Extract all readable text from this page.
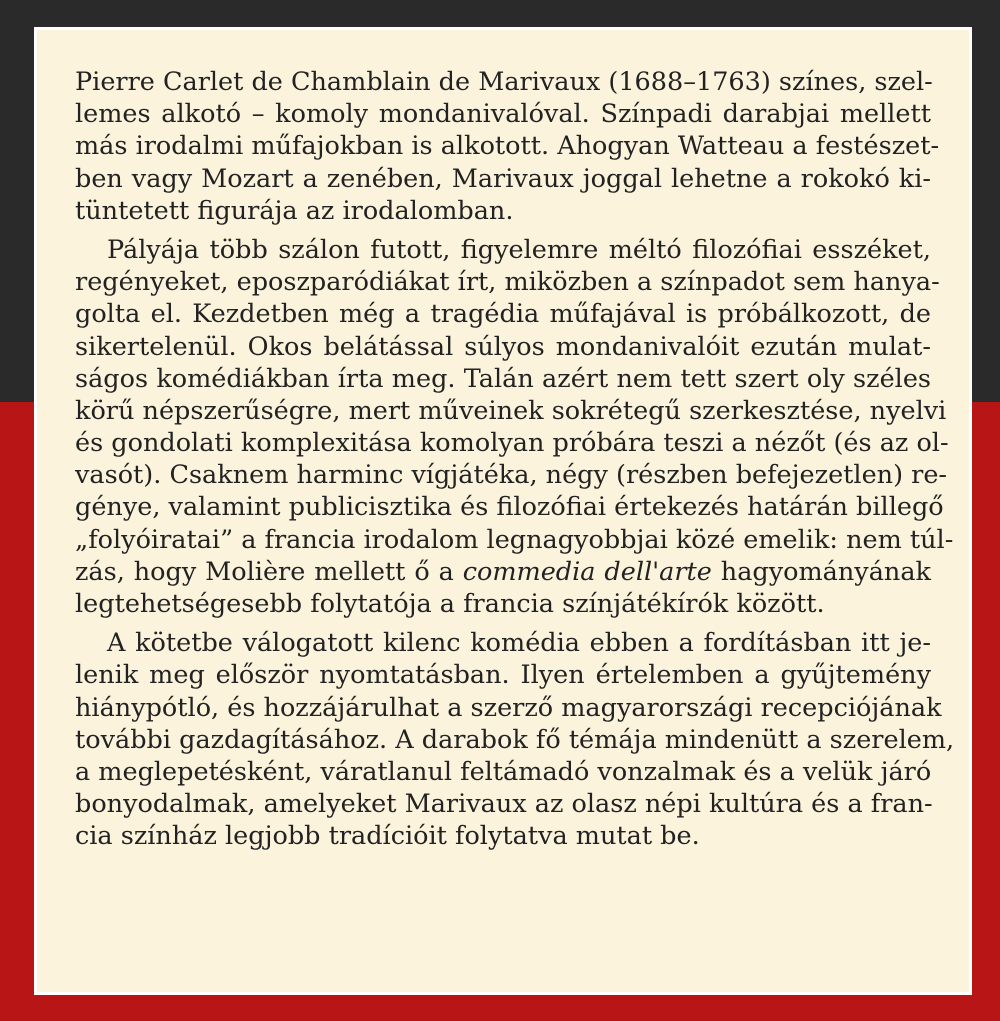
Pierre Carlet de Chamblain de Marivaux (1688–1763) színes, szel-
lemes alkotó – komoly mondanivalóval. Színpadi darabjai mellett
más irodalmi műfajokban is alkotott. Ahogyan Watteau a festészet-
ben vagy Mozart a zenében, Marivaux joggal lehetne a rokokó ki-
tüntetett figurája az irodalomban.
Pályája több szálon futott, figyelemre méltó filozófiai esszéket,
regényeket, eposzparódiákat írt, miközben a színpadot sem hanya-
golta el. Kezdetben még a tragédia műfajával is próbálkozott, de
sikertelenül. Okos belátással súlyos mondanivalóit ezután mulat-
ságos komédiákban írta meg. Talán azért nem tett szert oly széles
körű népszerűségre, mert műveinek sokrétegű szerkesztése, nyelvi
és gondolati komplexitása komolyan próbára teszi a nézőt (és az ol-
vasót). Csaknem harminc vígjátéka, négy (részben befejezetlen) re-
génye, valamint publicisztika és filozófiai értekezés határán billegő
„folyóiratai” a francia irodalom legnagyobbjai közé emelik: nem túl-
zás, hogy Molière mellett ő a commedia dell'arte hagyományának
legtehetségesebb folytatója a francia színjátékírók között.
A kötetbe válogatott kilenc komédia ebben a fordításban itt je-
lenik meg először nyomtatásban. Ilyen értelemben a gyűjtemény
hiánypótló, és hozzájárulhat a szerző magyarországi recepciójának
további gazdagításához. A darabok fő témája mindenütt a szerelem,
a meglepetésként, váratlanul feltámadó vonzalmak és a velük járó
bonyodalmak, amelyeket Marivaux az olasz népi kultúra és a fran-
cia színház legjobb tradícióit folytatva mutat be.
